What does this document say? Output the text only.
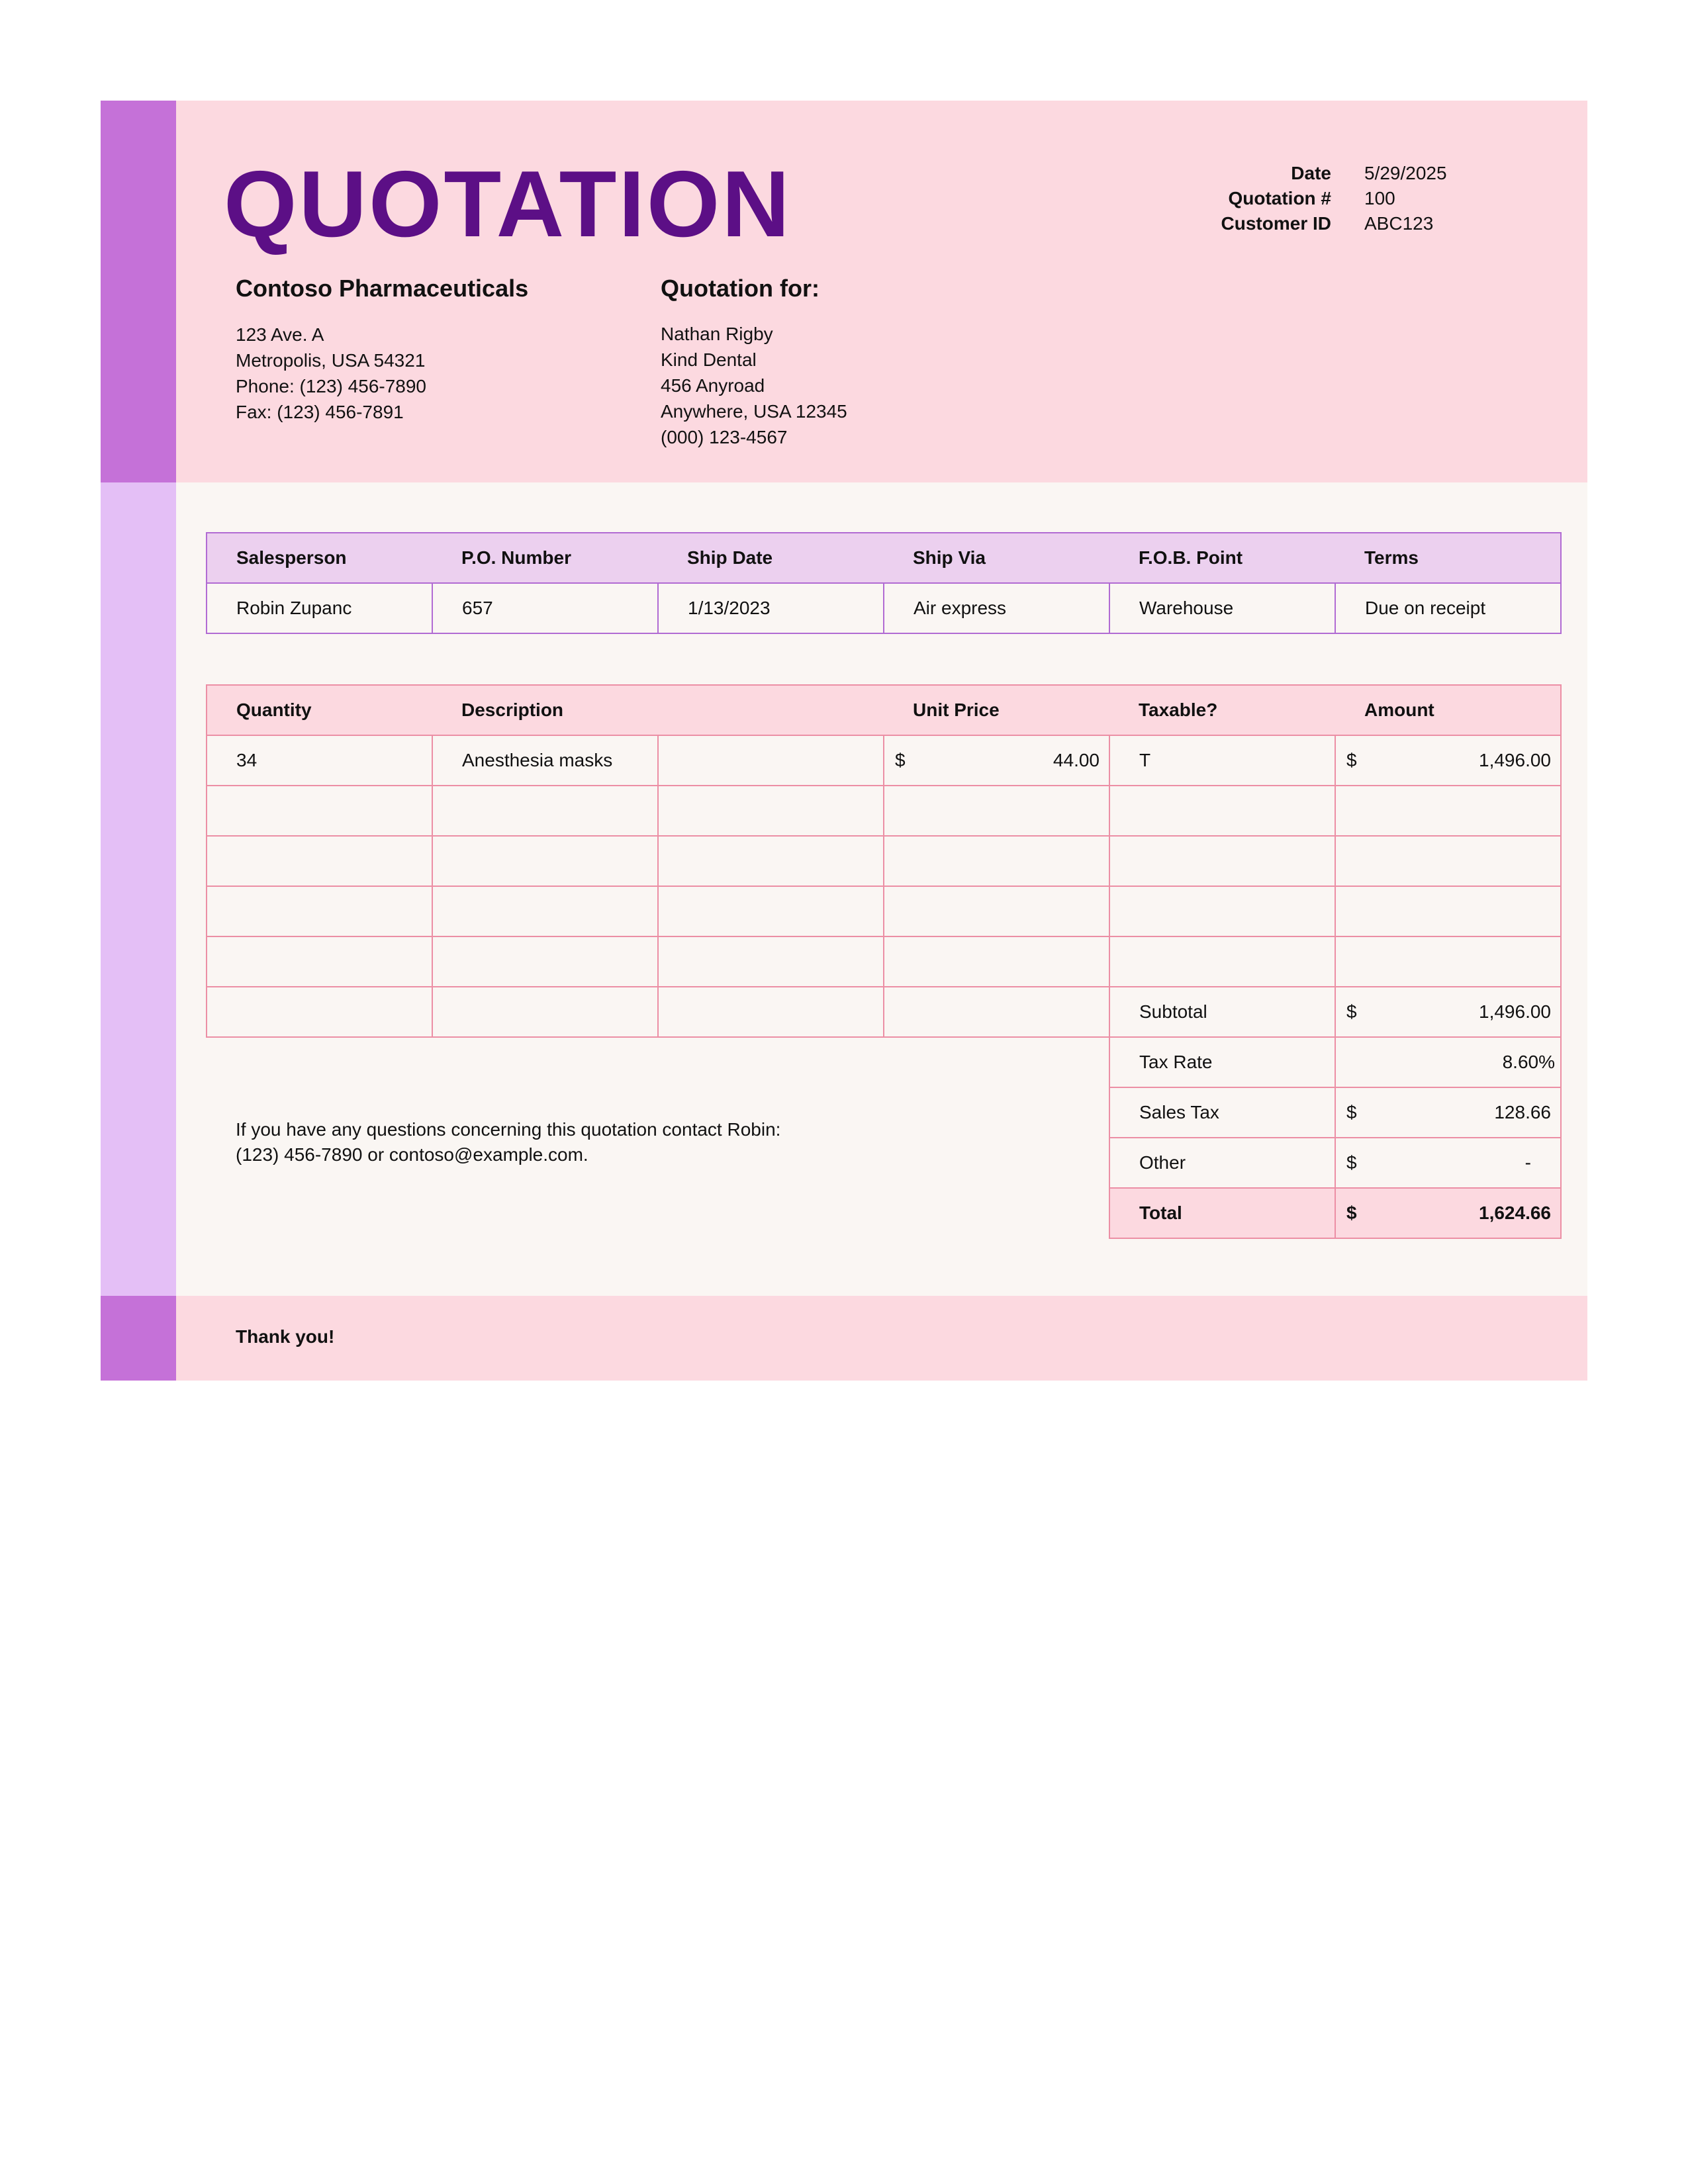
QUOTATION	Date 5/29/2025
Quotation # 100
Customer ID ABC123
Contoso Pharmaceuticals
123 Ave. A
Metropolis, USA 54321
Phone: (123) 456-7890
Fax: (123) 456-7891
Quotation for:
Nathan Rigby
Kind Dental
456 Anyroad
Anywhere, USA 12345
(000) 123-4567
Salesperson	P.O. Number	Ship Date	Ship Via	F.O.B. Point	Terms
Robin Zupanc	657	1/13/2023	Air express	Warehouse	Due on receipt
Quantity	Description		Unit Price	Taxable?	Amount
34	Anesthesia masks		$ 44.00	T	$ 1,496.00

				Subtotal	$ 1,496.00

				Tax Rate	8.60%
				Sales Tax	$ 128.66

				Other	$ -

				Total	$ 1,624.66
If you have any questions concerning this quotation contact Robin:
(123) 456-7890 or contoso@example.com.
Thank you!
